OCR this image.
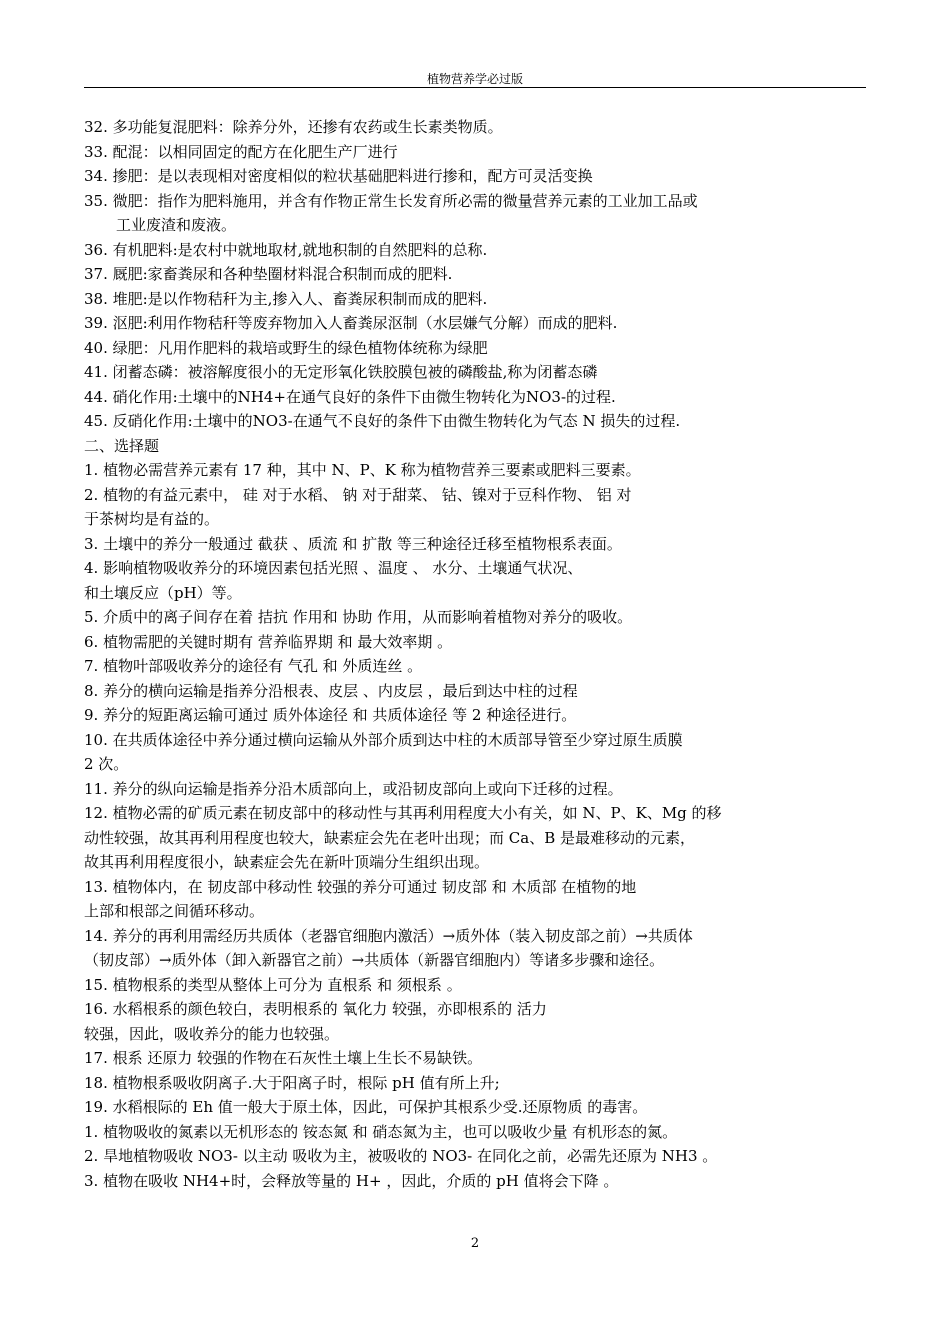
植物营养学必过版
32. 多功能复混肥料：除养分外，还掺有农药或生长素类物质。
33. 配混：以相同固定的配方在化肥生产厂进行
34. 掺肥：是以表现相对密度相似的粒状基础肥料进行掺和，配方可灵活变换
35. 微肥：指作为肥料施用，并含有作物正常生长发育所必需的微量营养元素的工业加工品或
工业废渣和废液。
36. 有机肥料:是农村中就地取材,就地积制的自然肥料的总称.
37. 厩肥:家畜粪尿和各种垫圈材料混合积制而成的肥料.
38. 堆肥:是以作物秸秆为主,掺入人、畜粪尿积制而成的肥料.
39. 沤肥:利用作物秸秆等废弃物加入人畜粪尿沤制（水层嫌气分解）而成的肥料.
40. 绿肥：凡用作肥料的栽培或野生的绿色植物体统称为绿肥
41. 闭蓄态磷：被溶解度很小的无定形氧化铁胶膜包被的磷酸盐,称为闭蓄态磷
44. 硝化作用:土壤中的NH4+在通气良好的条件下由微生物转化为NO3-的过程.
45. 反硝化作用:土壤中的NO3-在通气不良好的条件下由微生物转化为气态 N 损失的过程.
二、选择题
1. 植物必需营养元素有 17 种，其中 N、P、K 称为植物营养三要素或肥料三要素。
2. 植物的有益元素中， 硅 对于水稻、 钠 对于甜菜、 钴、镍对于豆科作物、 铝 对
于茶树均是有益的。
3. 土壤中的养分一般通过 截获 、质流 和 扩散 等三种途径迁移至植物根系表面。
4. 影响植物吸收养分的环境因素包括光照 、温度 、 水分、土壤通气状况、
和土壤反应（pH）等。
5. 介质中的离子间存在着 拮抗 作用和 协助 作用，从而影响着植物对养分的吸收。
6. 植物需肥的关键时期有 营养临界期 和 最大效率期 。
7. 植物叶部吸收养分的途径有 气孔 和 外质连丝 。
8. 养分的横向运输是指养分沿根表、皮层 、内皮层 ，最后到达中柱的过程
9. 养分的短距离运输可通过 质外体途径 和 共质体途径 等 2 种途径进行。
10. 在共质体途径中养分通过横向运输从外部介质到达中柱的木质部导管至少穿过原生质膜
2 次。
11. 养分的纵向运输是指养分沿木质部向上，或沿韧皮部向上或向下迁移的过程。
12. 植物必需的矿质元素在韧皮部中的移动性与其再利用程度大小有关，如 N、P、K、Mg 的移
动性较强，故其再利用程度也较大，缺素症会先在老叶出现；而 Ca、B 是最难移动的元素，
故其再利用程度很小，缺素症会先在新叶顶端分生组织出现。
13. 植物体内，在 韧皮部中移动性 较强的养分可通过 韧皮部 和 木质部 在植物的地
上部和根部之间循环移动。
14. 养分的再利用需经历共质体（老器官细胞内激活）→质外体（装入韧皮部之前）→共质体
（韧皮部）→质外体（卸入新器官之前）→共质体（新器官细胞内）等诸多步骤和途径。
15. 植物根系的类型从整体上可分为 直根系 和 须根系 。
16. 水稻根系的颜色较白，表明根系的 氧化力 较强，亦即根系的 活力
较强，因此，吸收养分的能力也较强。
17. 根系 还原力 较强的作物在石灰性土壤上生长不易缺铁。
18. 植物根系吸收阴离子.大于阳离子时，根际 pH 值有所上升;
19. 水稻根际的 Eh 值一般大于原土体，因此，可保护其根系少受.还原物质 的毒害。
1. 植物吸收的氮素以无机形态的 铵态氮 和 硝态氮为主，也可以吸收少量 有机形态的氮。
2. 旱地植物吸收 NO3- 以主动 吸收为主，被吸收的 NO3- 在同化之前，必需先还原为 NH3 。
3. 植物在吸收 NH4+时，会释放等量的 H+ ，因此，介质的 pH 值将会下降 。
2
